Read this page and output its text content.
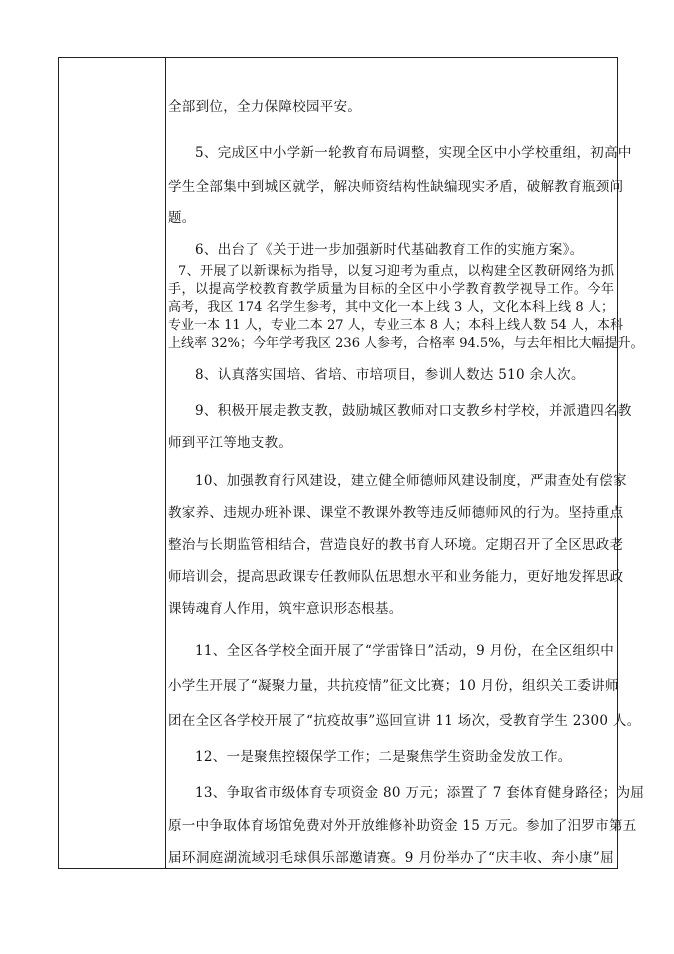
全部到位，全力保障校园平安。
5、完成区中小学新一轮教育布局调整，实现全区中小学校重组，初高中
学生全部集中到城区就学，解决师资结构性缺编现实矛盾，破解教育瓶颈问
题。
6、出台了《关于进一步加强新时代基础教育工作的实施方案》。
7、开展了以新课标为指导，以复习迎考为重点，以构建全区教研网络为抓
手，以提高学校教育教学质量为目标的全区中小学教育教学视导工作。今年
高考，我区 174 名学生参考，其中文化一本上线 3 人，文化本科上线 8 人；
专业一本 11 人，专业二本 27 人，专业三本 8 人；本科上线人数 54 人，本科
上线率 32%；今年学考我区 236 人参考，合格率 94.5%，与去年相比大幅提升。
8、认真落实国培、省培、市培项目，参训人数达 510 余人次。
9、积极开展走教支教，鼓励城区教师对口支教乡村学校，并派遣四名教
师到平江等地支教。
10、加强教育行风建设，建立健全师德师风建设制度，严肃查处有偿家
教家养、违规办班补课、课堂不教课外教等违反师德师风的行为。坚持重点
整治与长期监管相结合，营造良好的教书育人环境。定期召开了全区思政老
师培训会，提高思政课专任教师队伍思想水平和业务能力，更好地发挥思政
课铸魂育人作用，筑牢意识形态根基。
11、全区各学校全面开展了“学雷锋日”活动，9 月份，在全区组织中
小学生开展了“凝聚力量，共抗疫情”征文比赛；10 月份，组织关工委讲师
团在全区各学校开展了“抗疫故事”巡回宣讲 11 场次，受教育学生 2300 人。
12、一是聚焦控辍保学工作；二是聚焦学生资助金发放工作。
13、争取省市级体育专项资金 80 万元；添置了 7 套体育健身路径；为屈
原一中争取体育场馆免费对外开放维修补助资金 15 万元。参加了汨罗市第五
届环洞庭湖流域羽毛球俱乐部邀请赛。9 月份举办了“庆丰收、奔小康”屈
